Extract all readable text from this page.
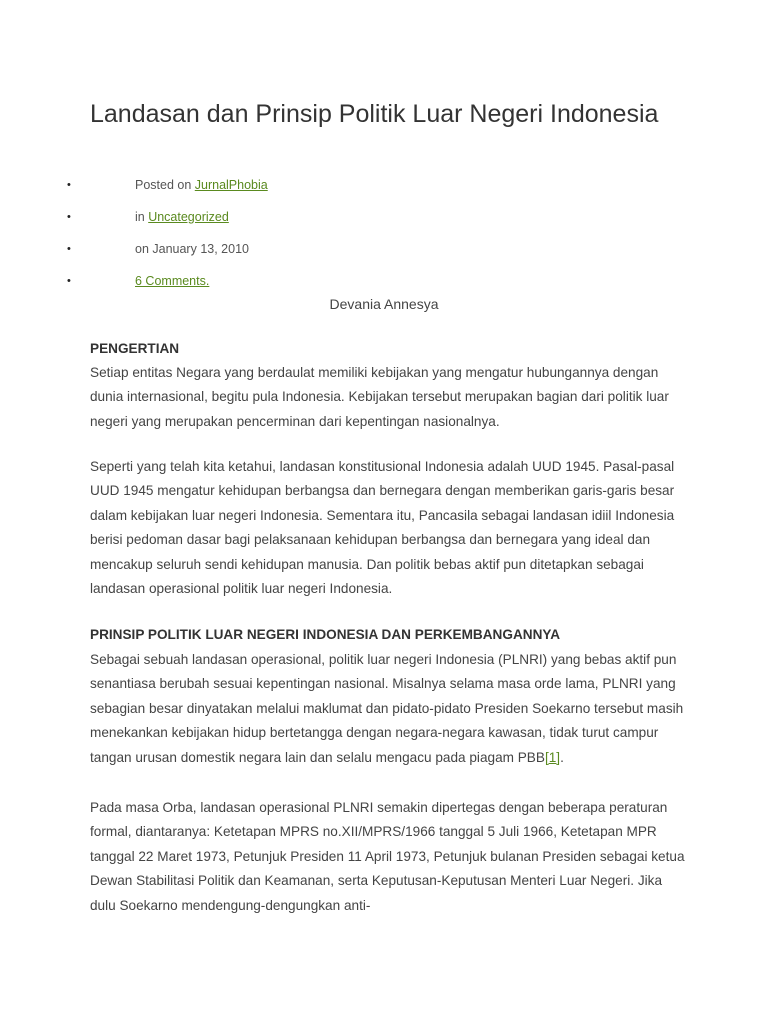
Landasan dan Prinsip Politik Luar Negeri Indonesia
•	Posted on JurnalPhobia
•	in Uncategorized
•	on January 13, 2010
•	6 Comments.
Devania Annesya

PENGERTIAN

Setiap entitas Negara yang berdaulat memiliki kebijakan yang mengatur hubungannya dengan dunia internasional, begitu pula Indonesia. Kebijakan tersebut merupakan bagian dari politik luar negeri yang merupakan pencerminan dari kepentingan nasionalnya.

Seperti yang telah kita ketahui, landasan konstitusional Indonesia adalah UUD 1945. Pasal-pasal UUD 1945 mengatur kehidupan berbangsa dan bernegara dengan memberikan garis-garis besar dalam kebijakan luar negeri Indonesia. Sementara itu, Pancasila sebagai landasan idiil Indonesia berisi pedoman dasar bagi pelaksanaan kehidupan berbangsa dan bernegara yang ideal dan mencakup seluruh sendi kehidupan manusia. Dan politik bebas aktif pun ditetapkan sebagai landasan operasional politik luar negeri Indonesia.

PRINSIP POLITIK LUAR NEGERI INDONESIA DAN PERKEMBANGANNYA

Sebagai sebuah landasan operasional, politik luar negeri Indonesia (PLNRI) yang bebas aktif pun senantiasa berubah sesuai kepentingan nasional. Misalnya selama masa orde lama, PLNRI yang sebagian besar dinyatakan melalui maklumat dan pidato-pidato Presiden Soekarno tersebut masih menekankan kebijakan hidup bertetangga dengan negara-negara kawasan, tidak turut campur tangan urusan domestik negara lain dan selalu mengacu pada piagam PBB[1].

Pada masa Orba, landasan operasional PLNRI semakin dipertegas dengan beberapa peraturan formal, diantaranya: Ketetapan MPRS no.XII/MPRS/1966 tanggal 5 Juli 1966, Ketetapan MPR tanggal 22 Maret 1973, Petunjuk Presiden 11 April 1973, Petunjuk bulanan Presiden sebagai ketua Dewan Stabilitasi Politik dan Keamanan, serta Keputusan-Keputusan Menteri Luar Negeri. Jika dulu Soekarno mendengung-dengungkan anti-
